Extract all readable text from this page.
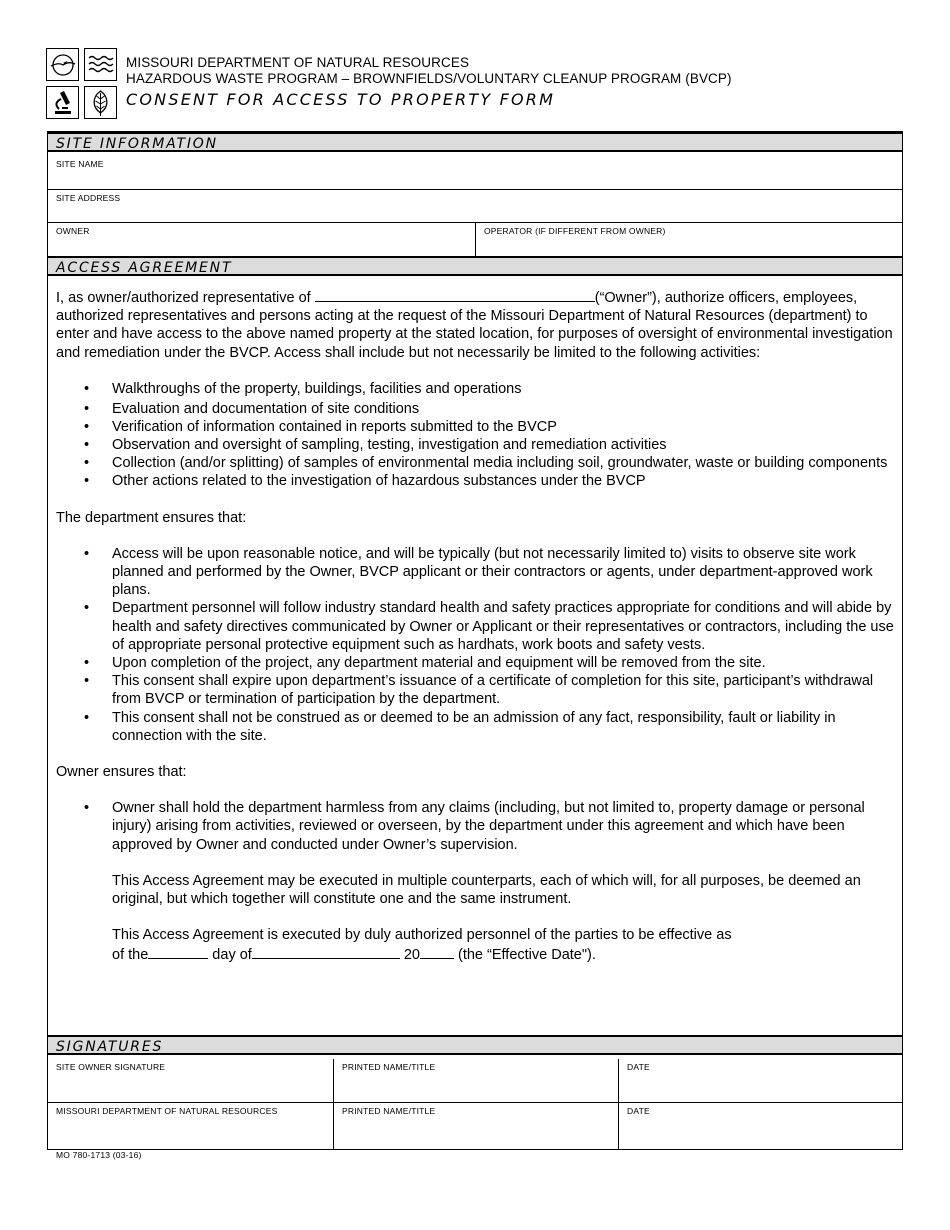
MISSOURI DEPARTMENT OF NATURAL RESOURCES
HAZARDOUS WASTE PROGRAM – BROWNFIELDS/VOLUNTARY CLEANUP PROGRAM (BVCP)
CONSENT FOR ACCESS TO PROPERTY FORM
SITE INFORMATION
SITE NAME
SITE ADDRESS
OWNER	OPERATOR (IF DIFFERENT FROM OWNER)
ACCESS AGREEMENT

I, as owner/authorized representative of	(“Owner”), authorize officers, employees, authorized representatives and persons acting at the request of the Missouri Department of Natural Resources (department) to enter and have access to the above named property at the stated location, for purposes of oversight of environmental investigation and remediation under the BVCP. Access shall include but not necessarily be limited to the following activities:

• Walkthroughs of the property, buildings, facilities and operations
• Evaluation and documentation of site conditions
• Verification of information contained in reports submitted to the BVCP
• Observation and oversight of sampling, testing, investigation and remediation activities
• Collection (and/or splitting) of samples of environmental media including soil, groundwater, waste or building components
• Other actions related to the investigation of hazardous substances under the BVCP

The department ensures that:

• Access will be upon reasonable notice, and will be typically (but not necessarily limited to) visits to observe site work planned and performed by the Owner, BVCP applicant or their contractors or agents, under department-approved work plans.
• Department personnel will follow industry standard health and safety practices appropriate for conditions and will abide by health and safety directives communicated by Owner or Applicant or their representatives or contractors, including the use of appropriate personal protective equipment such as hardhats, work boots and safety vests.
• Upon completion of the project, any department material and equipment will be removed from the site.
• This consent shall expire upon department’s issuance of a certificate of completion for this site, participant’s withdrawal from BVCP or termination of participation by the department.
• This consent shall not be construed as or deemed to be an admission of any fact, responsibility, fault or liability in connection with the site.

Owner ensures that:

• Owner shall hold the department harmless from any claims (including, but not limited to, property damage or personal injury) arising from activities, reviewed or overseen, by the department under this agreement and which have been approved by Owner and conducted under Owner’s supervision.

This Access Agreement may be executed in multiple counterparts, each of which will, for all purposes, be deemed an original, but which together will constitute one and the same instrument.

This Access Agreement is executed by duly authorized personnel of the parties to be effective as

of the	day of	20 (the “Effective Date").

SIGNATURES
SITE OWNER SIGNATURE	PRINTED NAME/TITLE	DATE
MISSOURI DEPARTMENT OF NATURAL RESOURCES	PRINTED NAME/TITLE	DATE
MO 780-1713 (03-16)
